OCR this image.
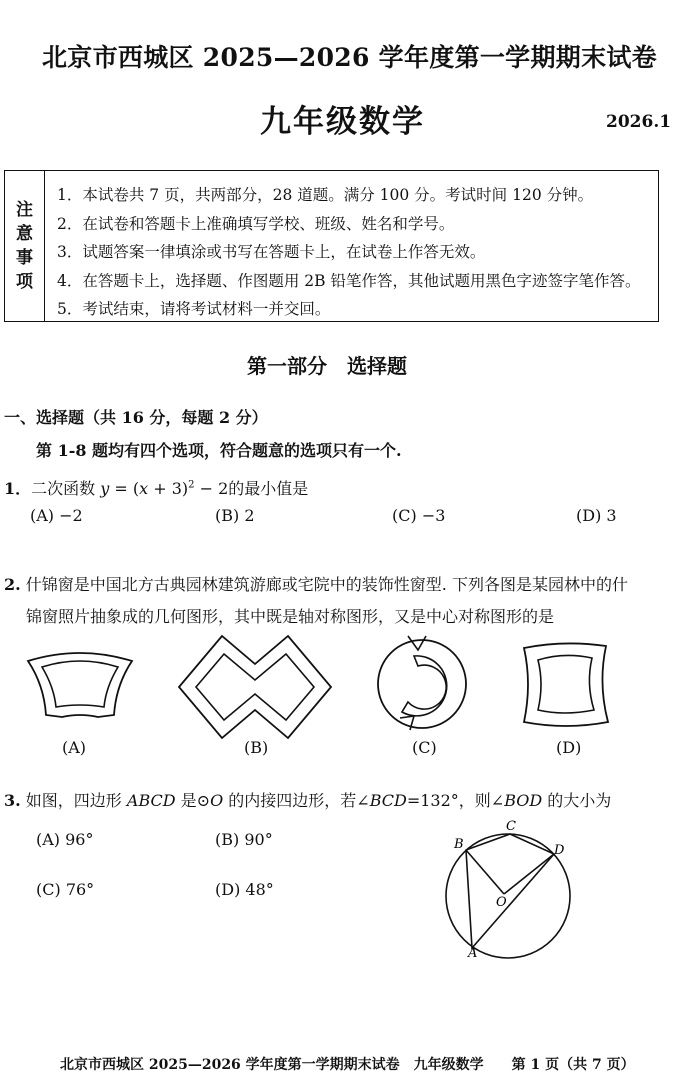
北京市西城区 2025—2026 学年度第一学期期末试卷
九年级数学	2026.1
注
意
事
项
1．本试卷共 7 页，共两部分，28 道题。满分 100 分。考试时间 120 分钟。
2．在试卷和答题卡上准确填写学校、班级、姓名和学号。
3．试题答案一律填涂或书写在答题卡上，在试卷上作答无效。
4．在答题卡上，选择题、作图题用 2B 铅笔作答，其他试题用黑色字迹签字笔作答。
5．考试结束，请将考试材料一并交回。
第一部分　选择题
一、选择题（共 16 分，每题 2 分）
第 1-8 题均有四个选项，符合题意的选项只有一个.
1．二次函数 $y = (x + 3)^2 - 2$的最小值是
(A) −2	(B) 2	(C) −3	(D) 3
2. 什锦窗是中国北方古典园林建筑游廊或宅院中的装饰性窗型. 下列各图是某园林中的什
锦窗照片抽象成的几何图形，其中既是轴对称图形，又是中心对称图形的是
(A)	(B)	(C)	(D)
3. 如图，四边形 ABCD 是⊙O 的内接四边形，若∠BCD=132°，则∠BOD 的大小为
(A) 96°	(B) 90°
(C) 76°	(D) 48°
B
C
D
O
A
北京市西城区 2025—2026 学年度第一学期期末试卷　九年级数学　　第 1 页（共 7 页）
